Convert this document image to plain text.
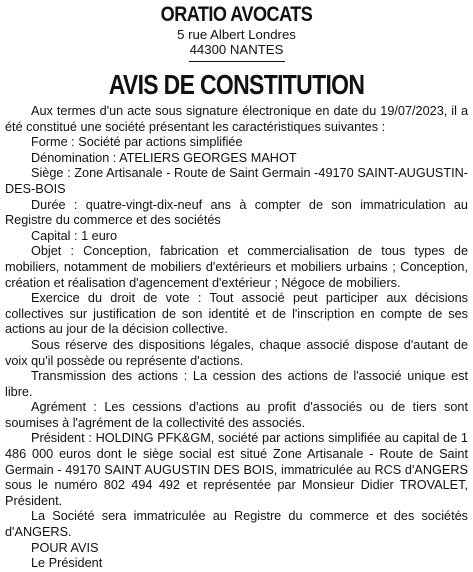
ORATIO AVOCATS
5 rue Albert Londres
44300 NANTES
AVIS DE CONSTITUTION

Aux termes d'un acte sous signature électronique en date du 19/07/2023, il a été constitué une société présentant les caractéristiques suivantes :

Forme : Société par actions simplifiée

Dénomination : ATELIERS GEORGES MAHOT

Siège : Zone Artisanale - Route de Saint Germain -49170 SAINT-AUGUSTIN-DES-BOIS

Durée : quatre-vingt-dix-neuf ans à compter de son immatriculation au Registre du commerce et des sociétés

Capital : 1 euro

Objet : Conception, fabrication et commercialisation de tous types de mobiliers, notamment de mobiliers d'extérieurs et mobiliers urbains ; Conception, création et réalisation d'agencement d'extérieur ; Négoce de mobiliers.

Exercice du droit de vote : Tout associé peut participer aux décisions collectives sur justification de son identité et de l'inscription en compte de ses actions au jour de la décision collective.

Sous réserve des dispositions légales, chaque associé dispose d'autant de voix qu'il possède ou représente d'actions.

Transmission des actions : La cession des actions de l'associé unique est libre.

Agrément : Les cessions d'actions au profit d'associés ou de tiers sont soumises à l'agrément de la collectivité des associés.

Président : HOLDING PFK&GM, société par actions simplifiée au capital de 1 486 000 euros dont le siège social est situé Zone Artisanale - Route de Saint Germain - 49170 SAINT AUGUSTIN DES BOIS, immatriculée au RCS d'ANGERS sous le numéro 802 494 492 et représentée par Monsieur Didier TROVALET, Président.

La Société sera immatriculée au Registre du commerce et des sociétés d'ANGERS.

POUR AVIS

Le Président
